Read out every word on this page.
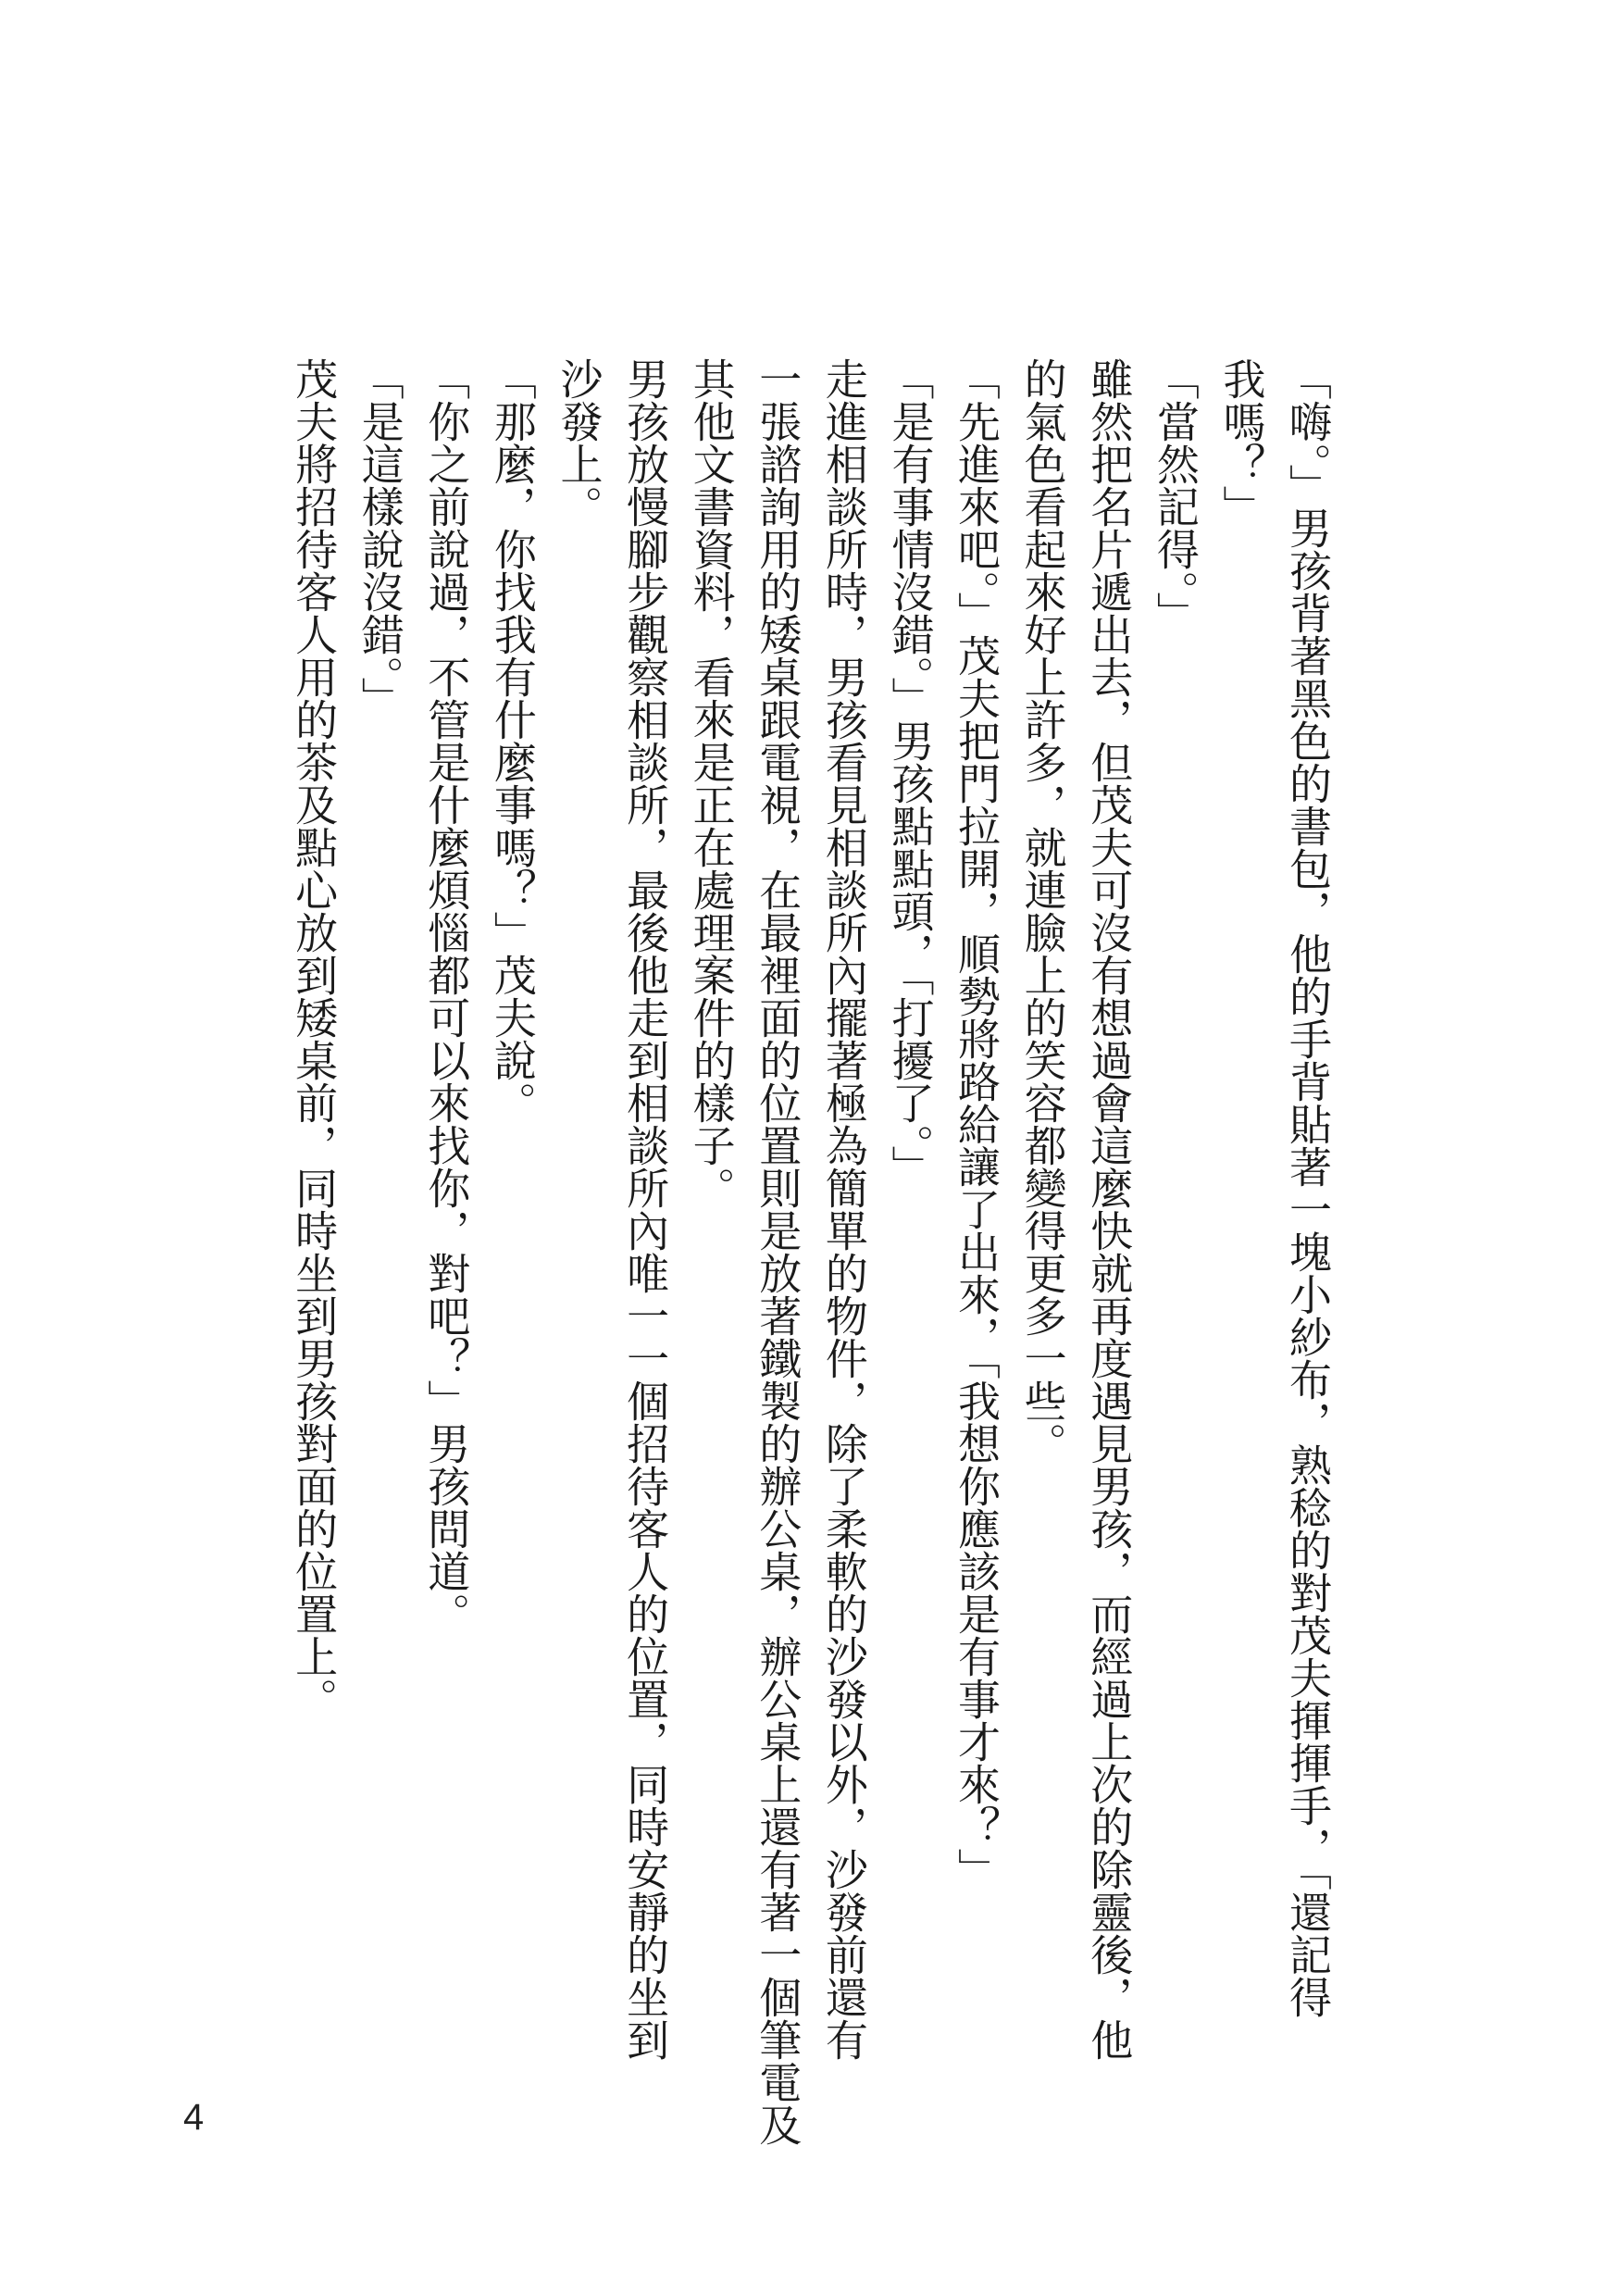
「嗨。」男孩背著黑色的書包，他的手背貼著一塊小紗布，熟稔的對茂夫揮揮手，「還記得
我嗎？」
「當然記得。」
雖然把名片遞出去，但茂夫可沒有想過會這麼快就再度遇見男孩，而經過上次的除靈後，他
的氣色看起來好上許多，就連臉上的笑容都變得更多一些。
「先進來吧。」茂夫把門拉開，順勢將路給讓了出來，「我想你應該是有事才來？」
「是有事情沒錯。」男孩點點頭，「打擾了。」
走進相談所時，男孩看見相談所內擺著極為簡單的物件，除了柔軟的沙發以外，沙發前還有
一張諮詢用的矮桌跟電視，在最裡面的位置則是放著鐵製的辦公桌，辦公桌上還有著一個筆電及
其他文書資料，看來是正在處理案件的樣子。
男孩放慢腳步觀察相談所，最後他走到相談所內唯一一個招待客人的位置，同時安靜的坐到
沙發上。
「那麼，你找我有什麼事嗎？」茂夫說。
「你之前說過，不管是什麼煩惱都可以來找你，對吧？」男孩問道。
「是這樣說沒錯。」
茂夫將招待客人用的茶及點心放到矮桌前，同時坐到男孩對面的位置上。
4
